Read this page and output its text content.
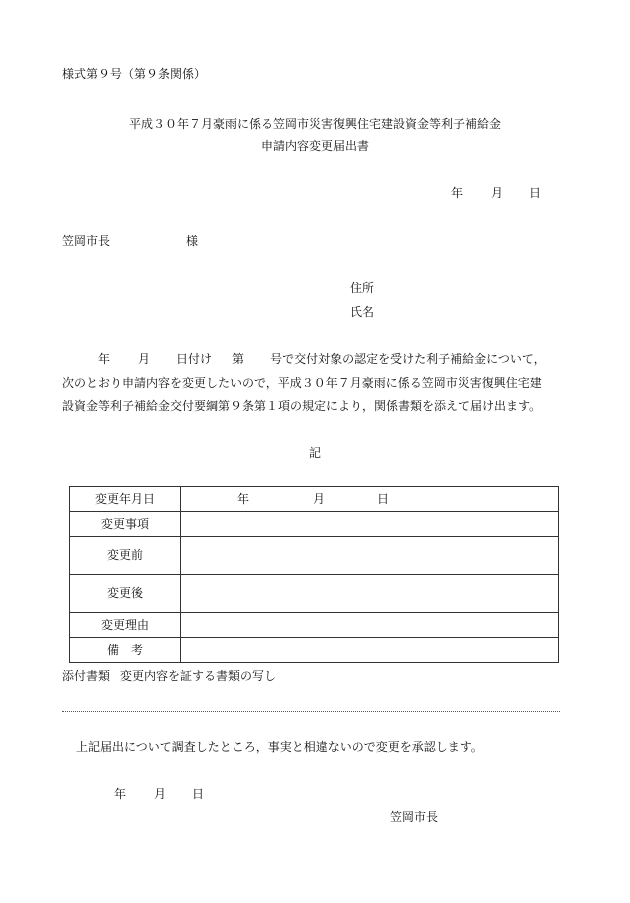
様式第９号（第９条関係）
平成３０年７月豪雨に係る笠岡市災害復興住宅建設資金等利子補給金
申請内容変更届出書
年 月 日
笠岡市長	様
住所
氏名
年 月 日付け 第 号で交付対象の認定を受けた利子補給金について，
次のとおり申請内容を変更したいので，平成３０年７月豪雨に係る笠岡市災害復興住宅建
設資金等利子補給金交付要綱第９条第１項の規定により，関係書類を添えて届け出ます。
記
変更年月日	年 月 日
変更事項	
変更前	
変更後	
変更理由	
備　考	
添付書類 変更内容を証する書類の写し
上記届出について調査したところ，事実と相違ないので変更を承認します。
年 月 日
笠岡市長
